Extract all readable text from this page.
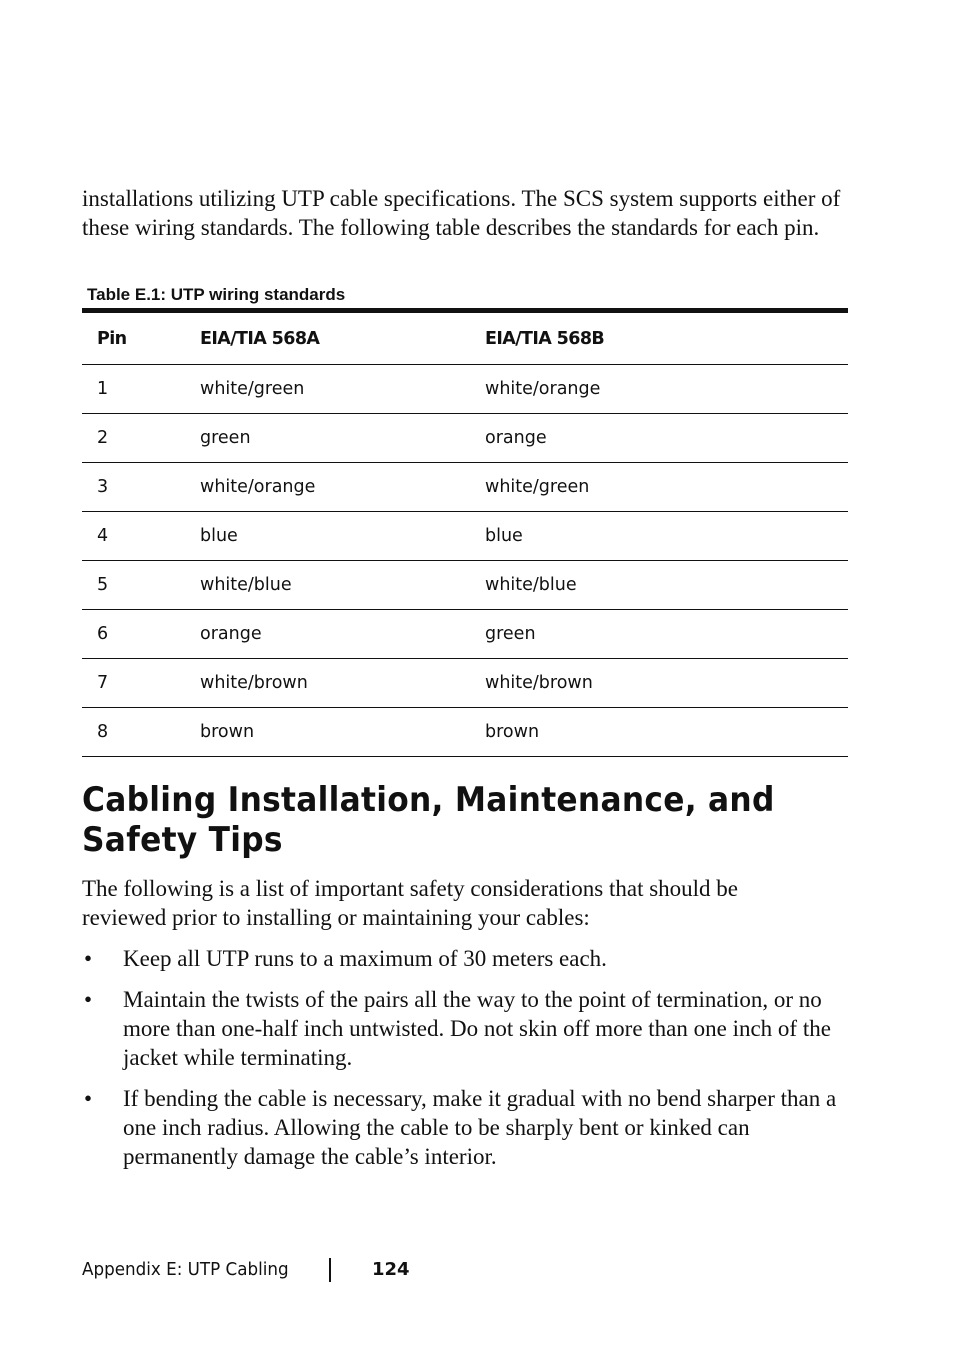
installations utilizing UTP cable specifications. The SCS system supports either of these wiring standards. The following table describes the standards for each pin.

Table E.1: UTP wiring standards

Pin	EIA/TIA 568A	EIA/TIA 568B
1	white/green	white/orange
2	green	orange
3	white/orange	white/green
4	blue	blue
5	white/blue	white/blue
6	orange	green
7	white/brown	white/brown
8	brown	brown
Cabling Installation, Maintenance, and Safety Tips

The following is a list of important safety considerations that should be reviewed prior to installing or maintaining your cables:

• Keep all UTP runs to a maximum of 30 meters each.
• Maintain the twists of the pairs all the way to the point of termination, or no more than one-half inch untwisted. Do not skin off more than one inch of the jacket while terminating.
• If bending the cable is necessary, make it gradual with no bend sharper than a one inch radius. Allowing the cable to be sharply bent or kinked can permanently damage the cable’s interior.
Appendix E: UTP Cabling	124
